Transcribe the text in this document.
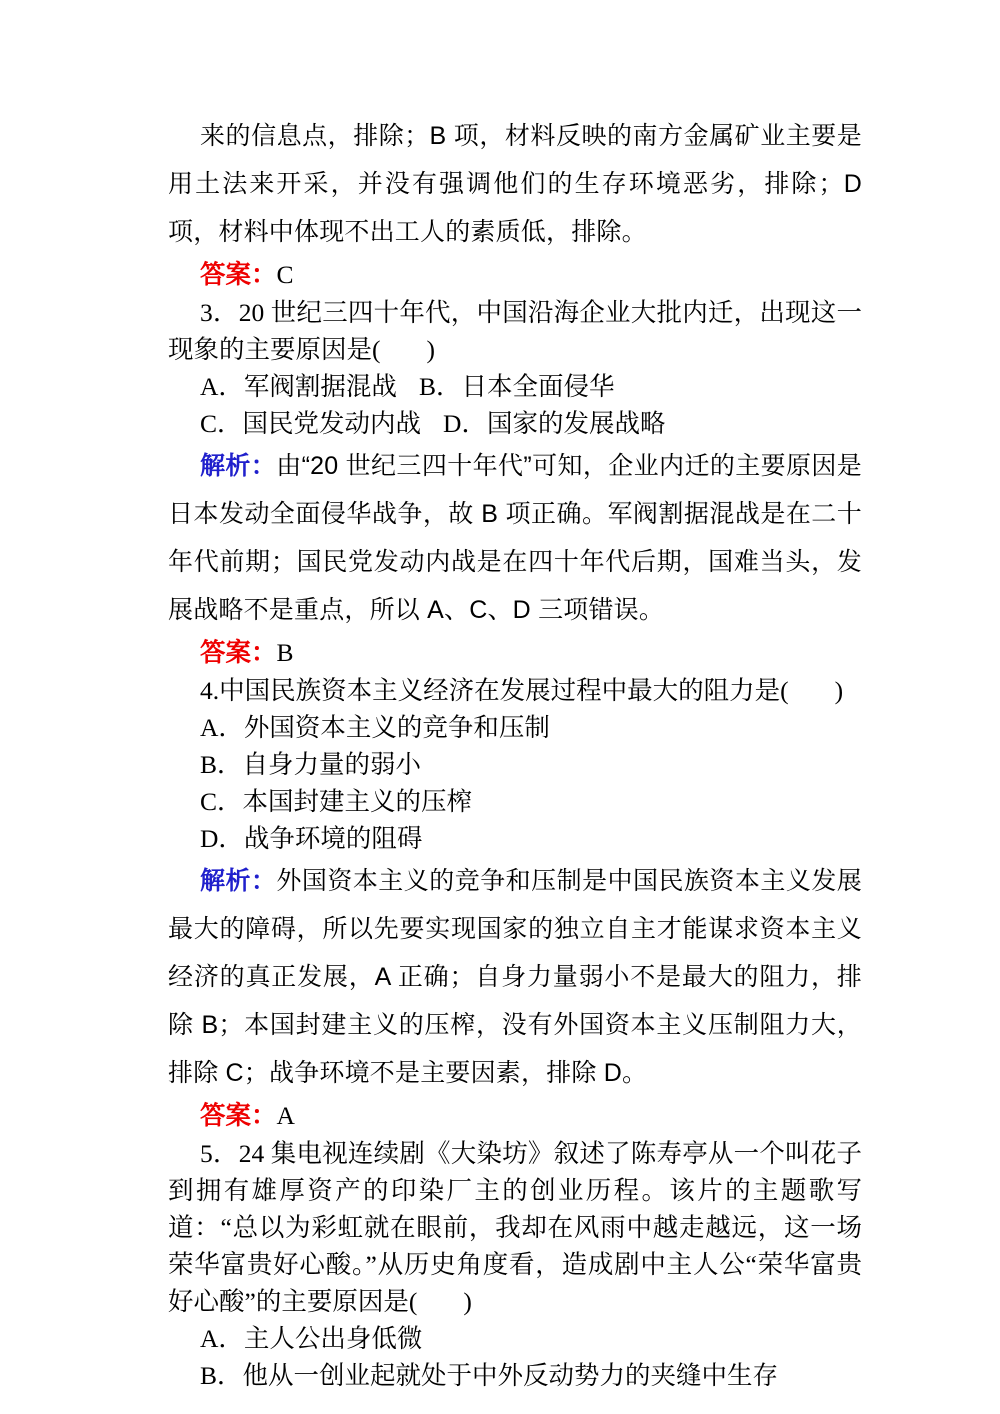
来的信息点，排除；B 项，材料反映的南方金属矿业主要是用土法来开采，并没有强调他们的生存环境恶劣，排除；D 项，材料中体现不出工人的素质低，排除。

答案：C

3．20 世纪三四十年代，中国沿海企业大批内迁，出现这一现象的主要原因是( )

A．军阀割据混战 B．日本全面侵华

C．国民党发动内战 D．国家的发展战略

解析：由“20 世纪三四十年代”可知，企业内迁的主要原因是日本发动全面侵华战争，故 B 项正确。军阀割据混战是在二十年代前期；国民党发动内战是在四十年代后期，国难当头，发展战略不是重点，所以 A、C、D 三项错误。

答案：B

4.中国民族资本主义经济在发展过程中最大的阻力是( )

A．外国资本主义的竞争和压制

B．自身力量的弱小

C．本国封建主义的压榨

D．战争环境的阻碍

解析：外国资本主义的竞争和压制是中国民族资本主义发展最大的障碍，所以先要实现国家的独立自主才能谋求资本主义经济的真正发展，A 正确；自身力量弱小不是最大的阻力，排除 B；本国封建主义的压榨，没有外国资本主义压制阻力大，排除 C；战争环境不是主要因素，排除 D。

答案：A

5．24 集电视连续剧《大染坊》叙述了陈寿亭从一个叫花子到拥有雄厚资产的印染厂主的创业历程。该片的主题歌写道：“总以为彩虹就在眼前，我却在风雨中越走越远，这一场荣华富贵好心酸。”从历史角度看，造成剧中主人公“荣华富贵好心酸”的主要原因是( )

A．主人公出身低微

B．他从一创业起就处于中外反动势力的夹缝中生存
